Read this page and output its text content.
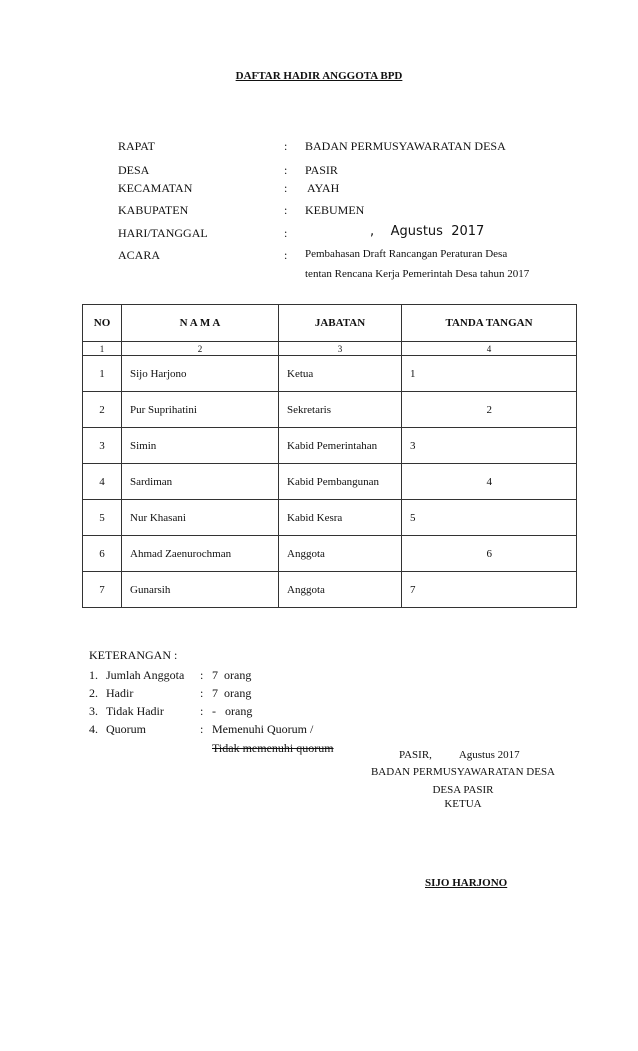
DAFTAR HADIR ANGGOTA BPD
RAPAT	: BADAN PERMUSYAWARATAN DESA
DESA	: PASIR
KECAMATAN	: AYAH
KABUPATEN	: KEBUMEN
HARI/TANGGAL	:	,    Agustus  2017
ACARA	: Pembahasan Draft Rancangan Peraturan Desa
tentan Rencana Kerja Pemerintah Desa tahun 2017
NO	N A M A	JABATAN	TANDA TANGAN
1	2	3	4
1	Sijo Harjono	Ketua	1
2	Pur Suprihatini	Sekretaris	2
3	Simin	Kabid Pemerintahan	3
4	Sardiman	Kabid Pembangunan	4
5	Nur Khasani	Kabid Kesra	5
6	Ahmad Zaenurochman	Anggota	6
7	Gunarsih	Anggota	7
KETERANGAN :
1. Jumlah Anggota : 7  orang
2. Hadir	: 7  orang
3. Tidak Hadir	: -   orang
4. Quorum	: Memenuhi Quorum /
Tidak memenuhi quorum	PASIR,          Agustus 2017
BADAN PERMUSYAWARATAN DESA
DESA PASIR
KETUA
SIJO HARJONO
